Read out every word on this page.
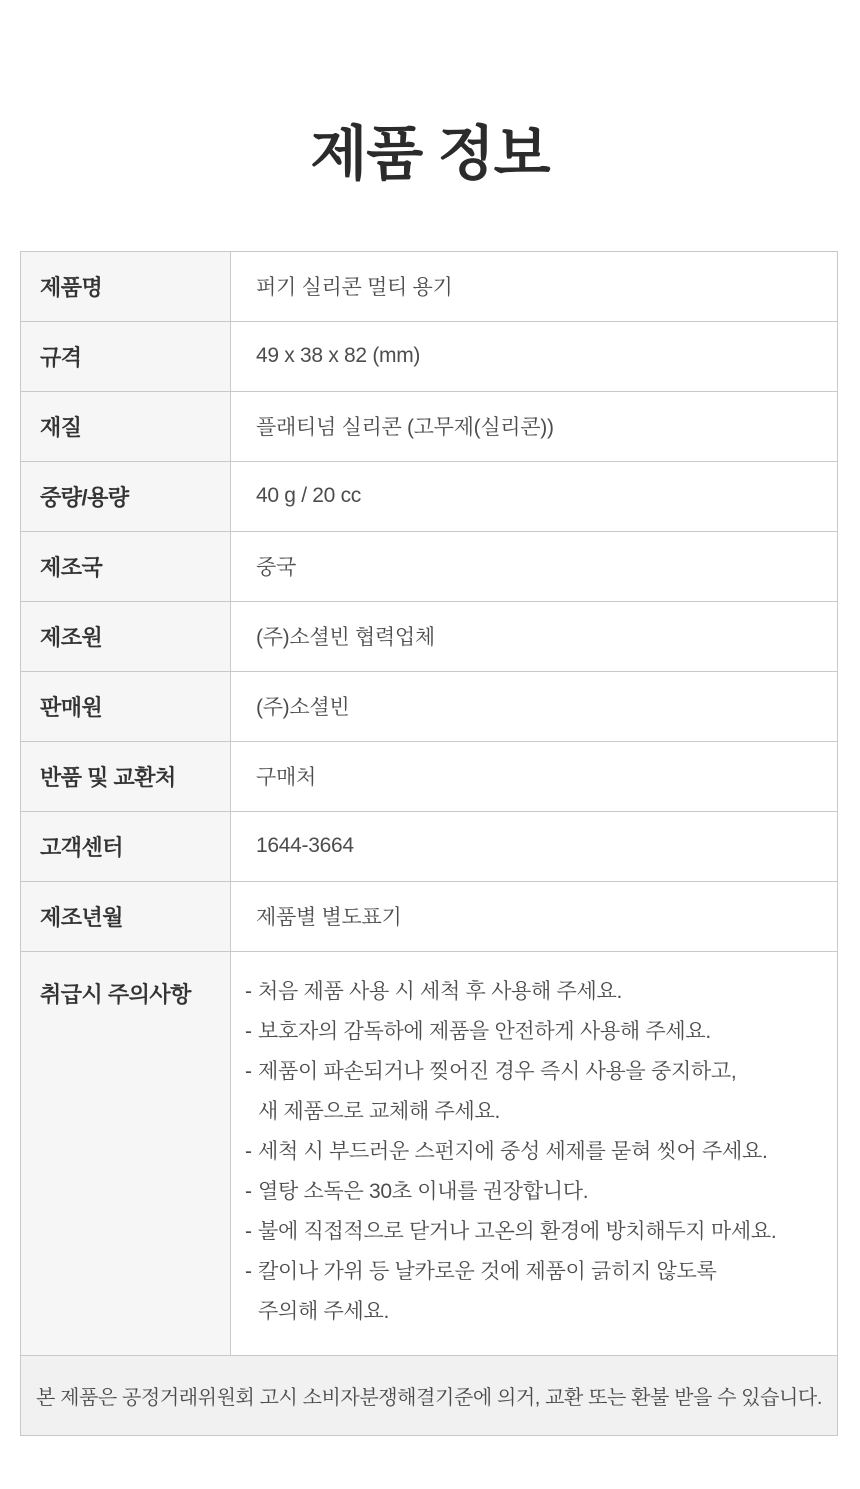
제품 정보
제품명	퍼기 실리콘 멀티 용기
규격	49 x 38 x 82 (mm)
재질	플래티넘 실리콘 (고무제(실리콘))
중량/용량	40 g / 20 cc
제조국	중국
제조원	(주)소셜빈 협력업체
판매원	(주)소셜빈
반품 및 교환처	구매처
고객센터	1644-3664
제조년월	제품별 별도표기
취급시 주의사항	- 처음 제품 사용 시 세척 후 사용해 주세요.
- 보호자의 감독하에 제품을 안전하게 사용해 주세요.
- 제품이 파손되거나 찢어진 경우 즉시 사용을 중지하고,
새 제품으로 교체해 주세요.
- 세척 시 부드러운 스펀지에 중성 세제를 묻혀 씻어 주세요.
- 열탕 소독은 30초 이내를 권장합니다.
- 불에 직접적으로 닫거나 고온의 환경에 방치해두지 마세요.
- 칼이나 가위 등 날카로운 것에 제품이 긁히지 않도록
주의해 주세요.
본 제품은 공정거래위원회 고시 소비자분쟁해결기준에 의거, 교환 또는 환불 받을 수 있습니다.
